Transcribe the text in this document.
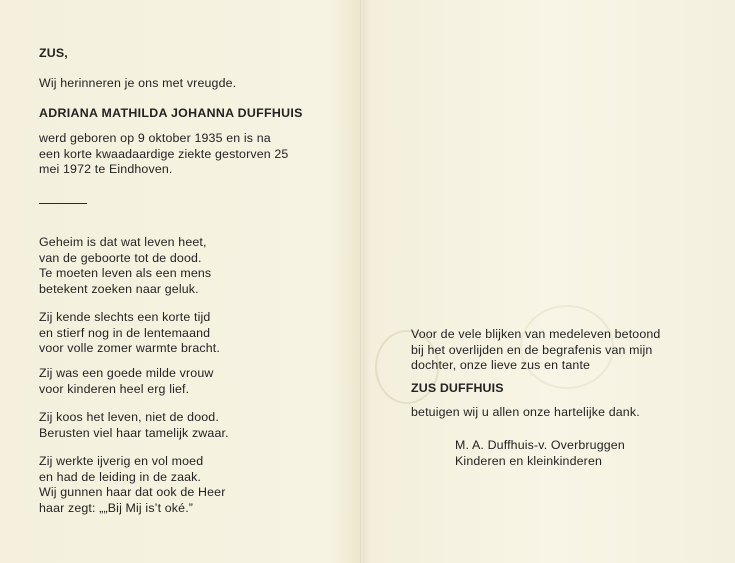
ZUS,

Wij herinneren je ons met vreugde.

ADRIANA MATHILDA JOHANNA DUFFHUIS

werd geboren op 9 oktober 1935 en is na
een korte kwaadaardige ziekte gestorven 25
mei 1972 te Eindhoven.
Geheim is dat wat leven heet,
van de geboorte tot de dood.
Te moeten leven als een mens
betekent zoeken naar geluk.
Zij kende slechts een korte tijd
en stierf nog in de lentemaand
voor volle zomer warmte bracht.
Zij was een goede milde vrouw
voor kinderen heel erg lief.
Zij koos het leven, niet de dood.
Berusten viel haar tamelijk zwaar.
Zij werkte ijverig en vol moed
en had de leiding in de zaak.
Wij gunnen haar dat ook de Heer
haar zegt: „„Bij Mij is’t oké.”
Voor de vele blijken van medeleven betoond
bij het overlijden en de begrafenis van mijn
dochter, onze lieve zus en tante

ZUS DUFFHUIS

betuigen wij u allen onze hartelijke dank.

M. A. Duffhuis-v. Overbruggen
Kinderen en kleinkinderen
